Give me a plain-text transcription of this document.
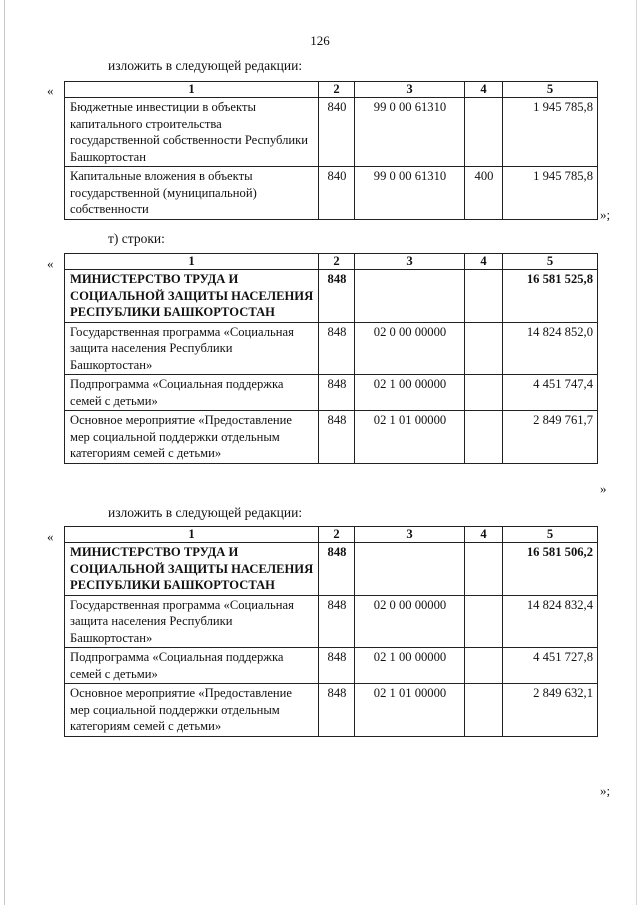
126
изложить в следующей редакции:
«	1	2	3	4	5
Бюджетные инвестиции в объекты капитального строительства государственной собственности Республики Башкортостан	840	99 0 00 61310		1 945 785,8
Капитальные вложения в объекты государственной (муниципальной) собственности	840	99 0 00 61310	400	1 945 785,8
»;
т) строки:
«	1	2	3	4	5
МИНИСТЕРСТВО ТРУДА И СОЦИАЛЬНОЙ ЗАЩИТЫ НАСЕЛЕНИЯ РЕСПУБЛИКИ БАШКОРТОСТАН	848			16 581 525,8
Государственная программа «Социальная защита населения Республики Башкортостан»	848	02 0 00 00000		14 824 852,0
Подпрограмма «Социальная поддержка семей с детьми»	848	02 1 00 00000		4 451 747,4
Основное мероприятие «Предоставление мер социальной поддержки отдельным категориям семей с детьми»	848	02 1 01 00000		2 849 761,7
»
изложить в следующей редакции:
«	1	2	3	4	5
МИНИСТЕРСТВО ТРУДА И СОЦИАЛЬНОЙ ЗАЩИТЫ НАСЕЛЕНИЯ РЕСПУБЛИКИ БАШКОРТОСТАН	848			16 581 506,2
Государственная программа «Социальная защита населения Республики Башкортостан»	848	02 0 00 00000		14 824 832,4
Подпрограмма «Социальная поддержка семей с детьми»	848	02 1 00 00000		4 451 727,8
Основное мероприятие «Предоставление мер социальной поддержки отдельным категориям семей с детьми»	848	02 1 01 00000		2 849 632,1
»;
